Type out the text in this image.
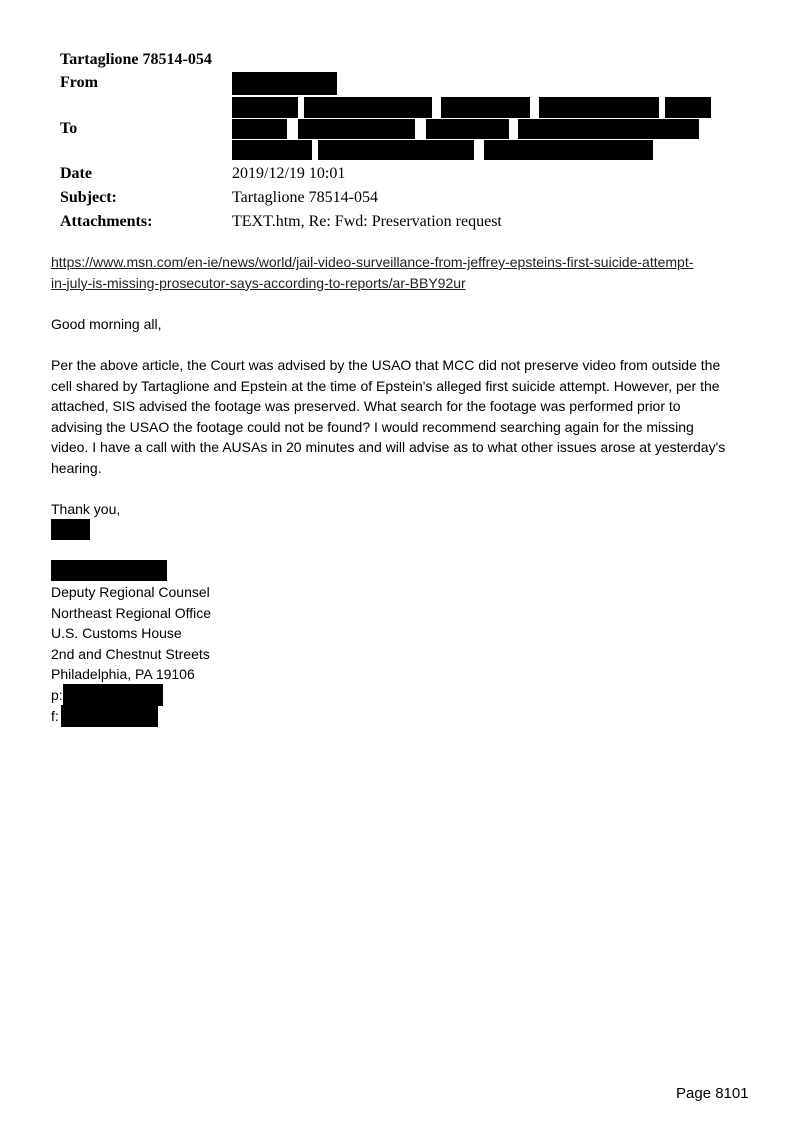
Tartaglione 78514-054
From
To
Date	2019/12/19 10:01
Subject:	Tartaglione 78514-054
Attachments:	TEXT.htm, Re: Fwd: Preservation request
https://www.msn.com/en-ie/news/world/jail-video-surveillance-from-jeffrey-epsteins-first-suicide-attempt-
in-july-is-missing-prosecutor-says-according-to-reports/ar-BBY92ur
Good morning all,
Per the above article, the Court was advised by the USAO that MCC did not preserve video from outside the
cell shared by Tartaglione and Epstein at the time of Epstein's alleged first suicide attempt. However, per the
attached, SIS advised the footage was preserved. What search for the footage was performed prior to
advising the USAO the footage could not be found? I would recommend searching again for the missing
video. I have a call with the AUSAs in 20 minutes and will advise as to what other issues arose at yesterday's
hearing.
Thank you,
Deputy Regional Counsel
Northeast Regional Office
U.S. Customs House
2nd and Chestnut Streets
Philadelphia, PA 19106
p:
f:
Page 8101
